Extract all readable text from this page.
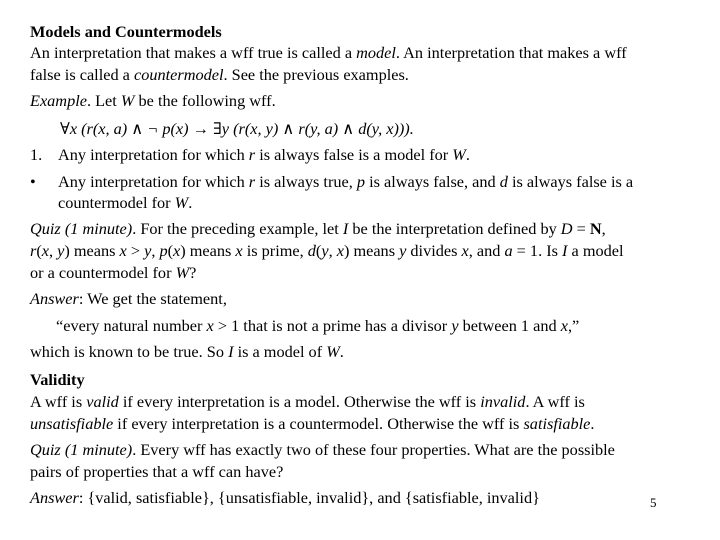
Models and Countermodels
An interpretation that makes a wff true is called a model. An interpretation that makes a wff
false is called a countermodel. See the previous examples.
Example. Let W be the following wff.
∀x (r(x, a) ∧ ¬ p(x) → ∃y (r(x, y) ∧ r(y, a) ∧ d(y, x))).
1. Any interpretation for which r is always false is a model for W.
• Any interpretation for which r is always true, p is always false, and d is always false is a
countermodel for W.
Quiz (1 minute). For the preceding example, let I be the interpretation defined by D = N,
r(x, y) means x > y, p(x) means x is prime, d(y, x) means y divides x, and a = 1. Is I a model
or a countermodel for W?
Answer: We get the statement,
“every natural number x > 1 that is not a prime has a divisor y between 1 and x,”
which is known to be true. So I is a model of W.
Validity
A wff is valid if every interpretation is a model. Otherwise the wff is invalid. A wff is
unsatisfiable if every interpretation is a countermodel. Otherwise the wff is satisfiable.
Quiz (1 minute). Every wff has exactly two of these four properties. What are the possible
pairs of properties that a wff can have?
Answer: {valid, satisfiable}, {unsatisfiable, invalid}, and {satisfiable, invalid}	5
